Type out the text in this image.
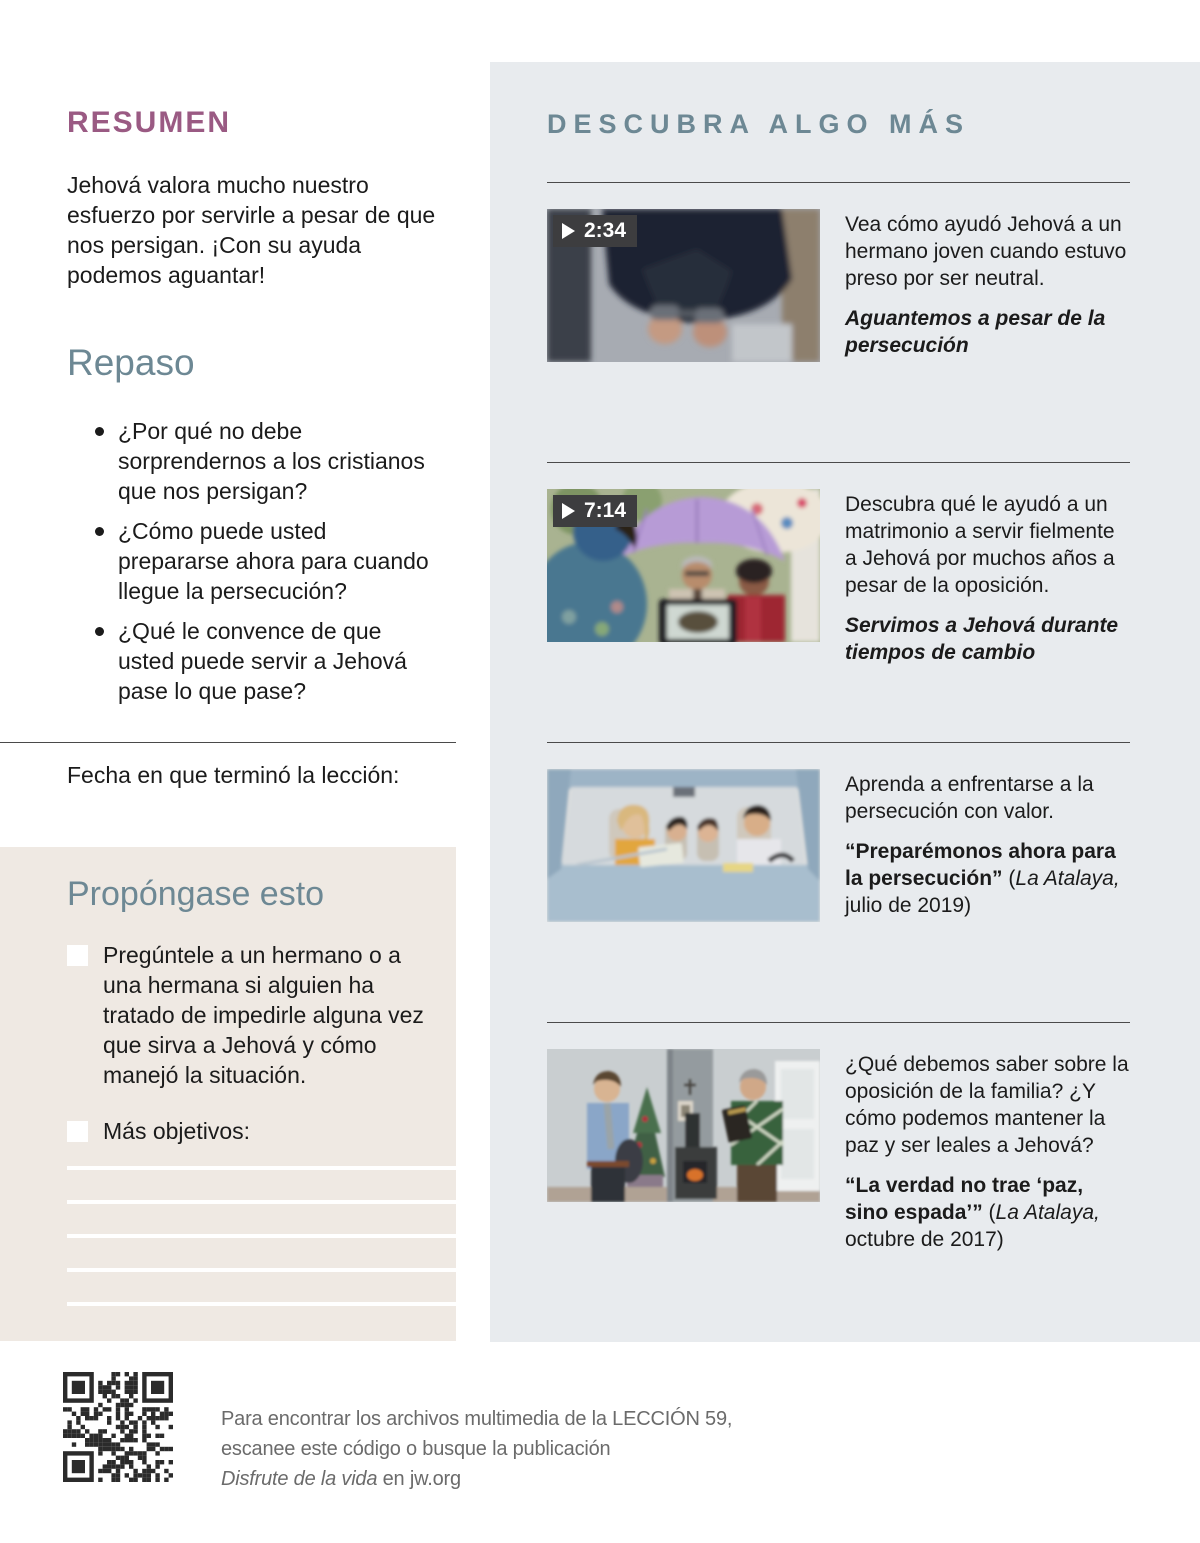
RESUMEN

Jehová valora mucho nuestro esfuerzo por servirle a pesar de que nos persigan. ¡Con su ayuda podemos aguantar!

Repaso
¿Por qué no debe sorprendernos a los cristianos que nos persigan?
¿Cómo puede usted prepararse ahora para cuando llegue la persecución?
¿Qué le convence de que usted puede servir a Jehová pase lo que pase?

Fecha en que terminó la lección:

Propóngase esto
Pregúntele a un hermano o a una hermana si alguien ha tratado de impedirle alguna vez que sirva a Jehová y cómo manejó la situación.
Más objetivos:
DESCUBRA ALGO MÁS
2:34	Vea cómo ayudó Jehová a un hermano joven cuando estuvo preso por ser neutral.

Aguantemos a pesar de la persecución

7:14	Descubra qué le ayudó a un matrimonio a servir fielmente a Jehová por muchos años a pesar de la oposición.

Servimos a Jehová durante tiempos de cambio

Aprenda a enfrentarse a la persecución con valor.

“Preparémonos ahora para la persecución” (La Atalaya, julio de 2019)

¿Qué debemos saber sobre la oposición de la familia? ¿Y cómo podemos mantener la paz y ser leales a Jehová?

“La verdad no trae ‘paz, sino espada’” (La Atalaya, octubre de 2017)

Para encontrar los archivos multimedia de la LECCIÓN 59,
escanee este código o busque la publicación
Disfrute de la vida en jw.org
